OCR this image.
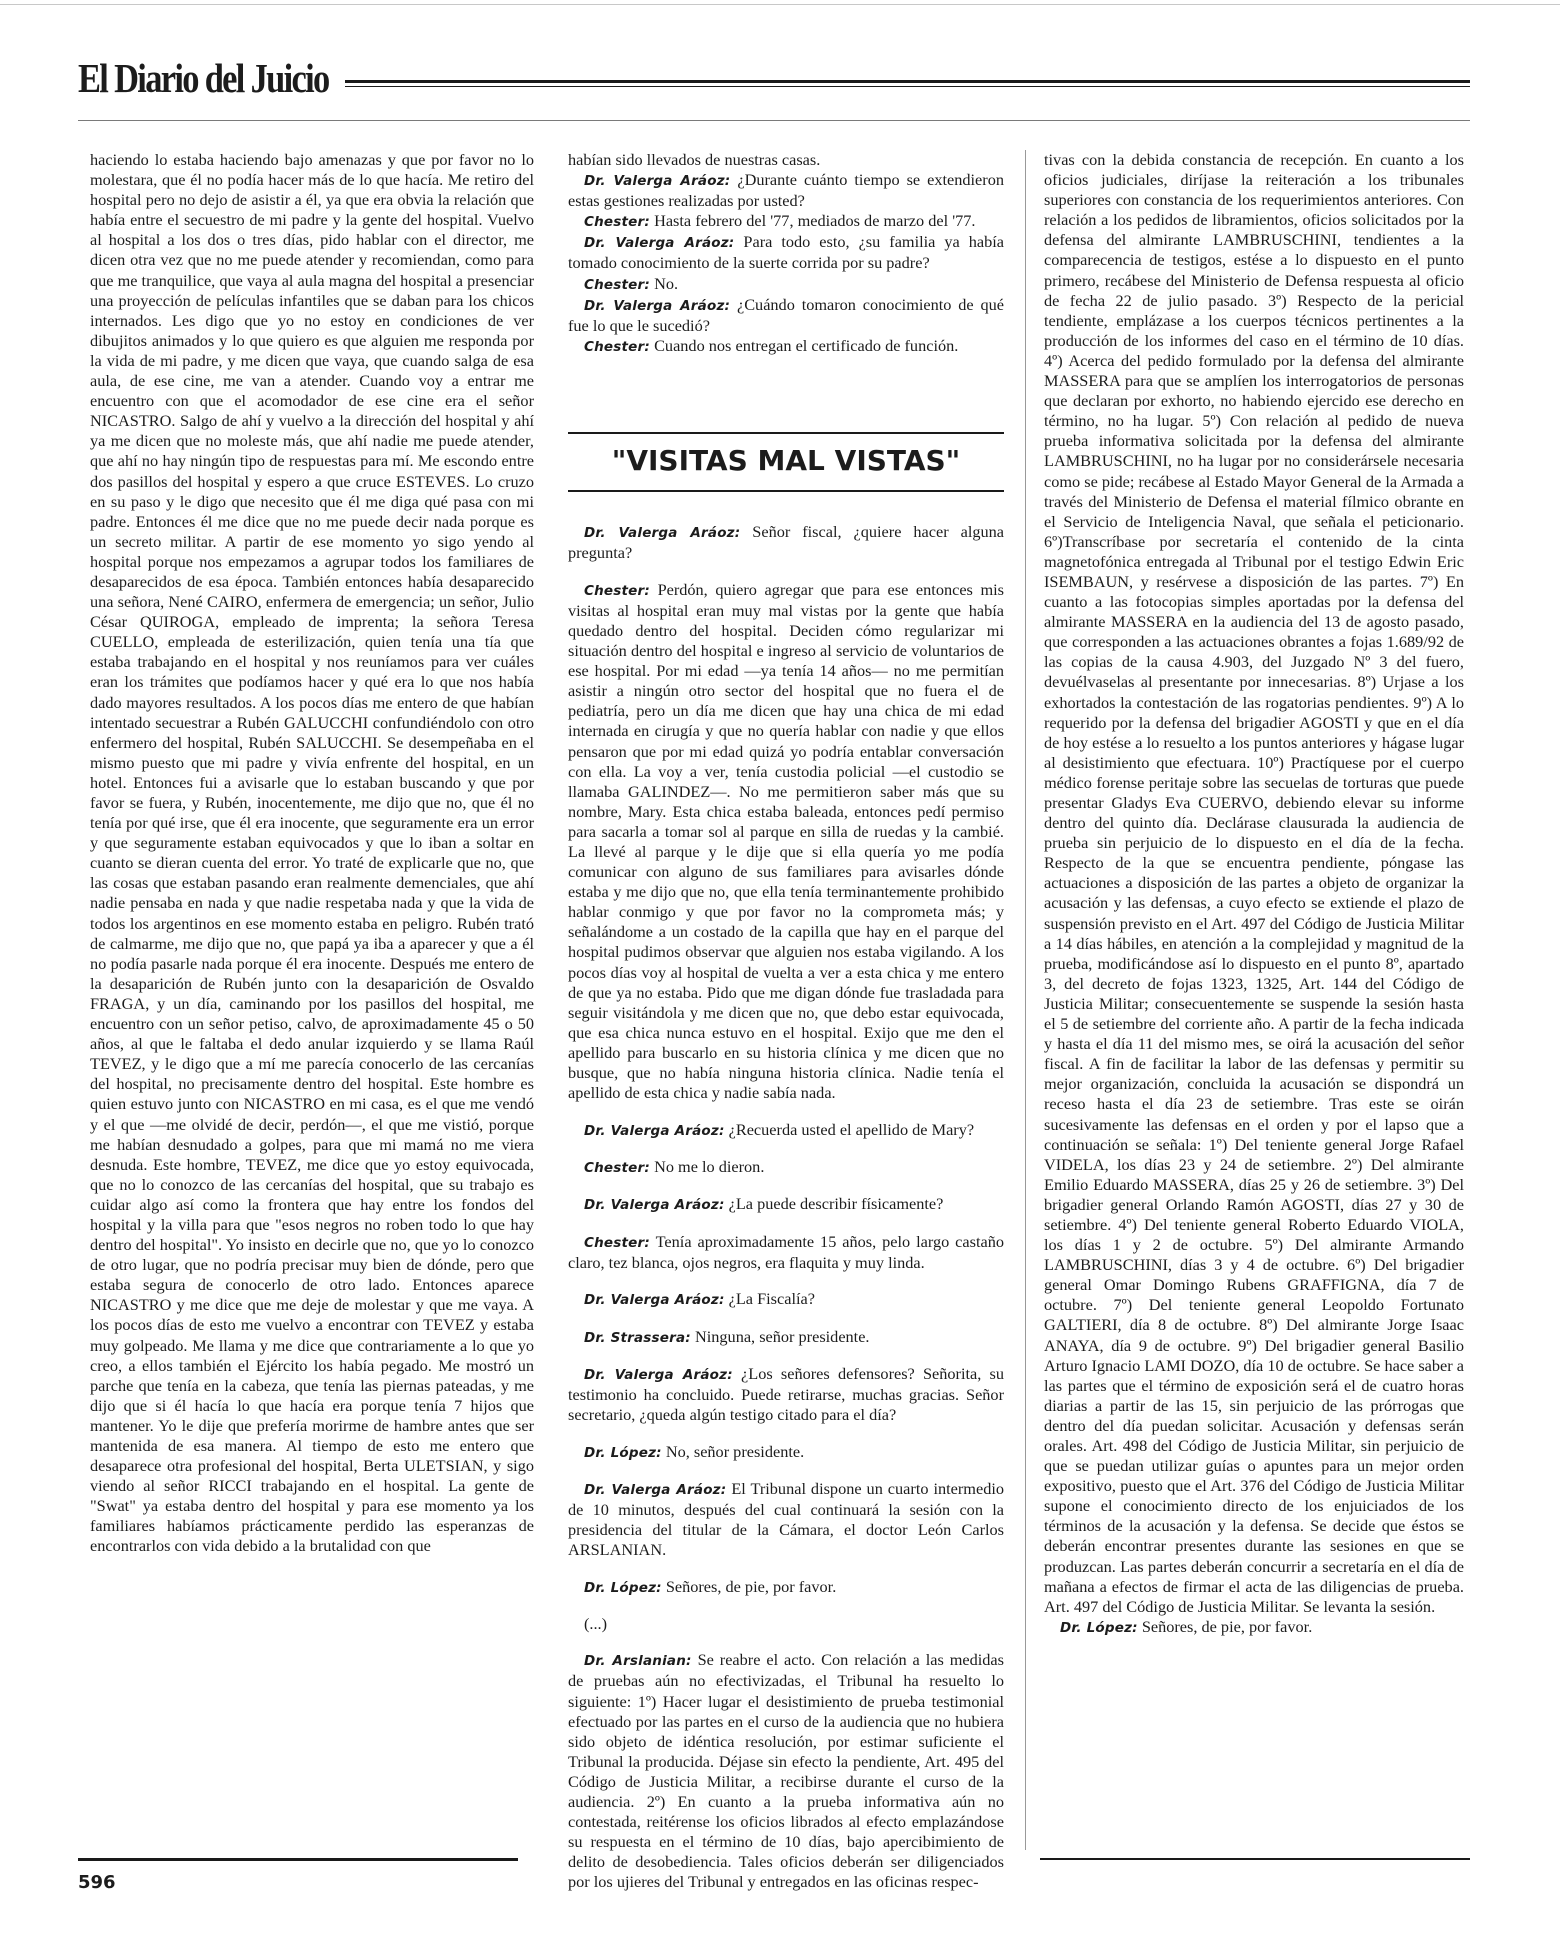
El Diario del Juicio

haciendo lo estaba haciendo bajo amenazas y que por favor no lo molestara, que él no podía hacer más de lo que hacía. Me retiro del hospital pero no dejo de asistir a él, ya que era obvia la relación que había entre el secuestro de mi padre y la gente del hospital. Vuelvo al hospital a los dos o tres días, pido hablar con el director, me dicen otra vez que no me puede atender y recomiendan, como para que me tranquilice, que vaya al aula magna del hospital a presenciar una proyección de películas infantiles que se daban para los chicos internados. Les digo que yo no estoy en condiciones de ver dibujitos animados y lo que quiero es que alguien me responda por la vida de mi padre, y me dicen que vaya, que cuando salga de esa aula, de ese cine, me van a atender. Cuando voy a entrar me encuentro con que el acomodador de ese cine era el señor NICASTRO. Salgo de ahí y vuelvo a la dirección del hospital y ahí ya me dicen que no moleste más, que ahí nadie me puede atender, que ahí no hay ningún tipo de respuestas para mí. Me escondo entre dos pasillos del hospital y espero a que cruce ESTEVES. Lo cruzo en su paso y le digo que necesito que él me diga qué pasa con mi padre. Entonces él me dice que no me puede decir nada porque es un secreto militar. A partir de ese momento yo sigo yendo al hospital porque nos empezamos a agrupar todos los familiares de desaparecidos de esa época. También entonces había desaparecido una señora, Nené CAIRO, enfermera de emergencia; un señor, Julio César QUIROGA, empleado de imprenta; la señora Teresa CUELLO, empleada de esterilización, quien tenía una tía que estaba trabajando en el hospital y nos reuníamos para ver cuáles eran los trámites que podíamos hacer y qué era lo que nos había dado mayores resultados. A los pocos días me entero de que habían intentado secuestrar a Rubén GALUCCHI confundiéndolo con otro enfermero del hospital, Rubén SALUCCHI. Se desempeñaba en el mismo puesto que mi padre y vivía enfrente del hospital, en un hotel. Entonces fui a avisarle que lo estaban buscando y que por favor se fuera, y Rubén, inocentemente, me dijo que no, que él no tenía por qué irse, que él era inocente, que seguramente era un error y que seguramente estaban equivocados y que lo iban a soltar en cuanto se dieran cuenta del error. Yo traté de explicarle que no, que las cosas que estaban pasando eran realmente demenciales, que ahí nadie pensaba en nada y que nadie respetaba nada y que la vida de todos los argentinos en ese momento estaba en peligro. Rubén trató de calmarme, me dijo que no, que papá ya iba a aparecer y que a él no podía pasarle nada porque él era inocente. Después me entero de la desaparición de Rubén junto con la desaparición de Osvaldo FRAGA, y un día, caminando por los pasillos del hospital, me encuentro con un señor petiso, calvo, de aproximadamente 45 o 50 años, al que le faltaba el dedo anular izquierdo y se llama Raúl TEVEZ, y le digo que a mí me parecía conocerlo de las cercanías del hospital, no precisamente dentro del hospital. Este hombre es quien estuvo junto con NICASTRO en mi casa, es el que me vendó y el que —me olvidé de decir, perdón—, el que me vistió, porque me habían desnudado a golpes, para que mi mamá no me viera desnuda. Este hombre, TEVEZ, me dice que yo estoy equivocada, que no lo conozco de las cercanías del hospital, que su trabajo es cuidar algo así como la frontera que hay entre los fondos del hospital y la villa para que "esos negros no roben todo lo que hay dentro del hospital". Yo insisto en decirle que no, que yo lo conozco de otro lugar, que no podría precisar muy bien de dónde, pero que estaba segura de conocerlo de otro lado. Entonces aparece NICASTRO y me dice que me deje de molestar y que me vaya. A los pocos días de esto me vuelvo a encontrar con TEVEZ y estaba muy golpeado. Me llama y me dice que contrariamente a lo que yo creo, a ellos también el Ejército los había pegado. Me mostró un parche que tenía en la cabeza, que tenía las piernas pateadas, y me dijo que si él hacía lo que hacía era porque tenía 7 hijos que mantener. Yo le dije que prefería morirme de hambre antes que ser mantenida de esa manera. Al tiempo de esto me entero que desaparece otra profesional del hospital, Berta ULETSIAN, y sigo viendo al señor RICCI trabajando en el hospital. La gente de "Swat" ya estaba dentro del hospital y para ese momento ya los familiares habíamos prácticamente perdido las esperanzas de encontrarlos con vida debido a la brutalidad con que

habían sido llevados de nuestras casas.

Dr. Valerga Aráoz: ¿Durante cuánto tiempo se extendieron estas gestiones realizadas por usted?

Chester: Hasta febrero del '77, mediados de marzo del '77.

Dr. Valerga Aráoz: Para todo esto, ¿su familia ya había tomado conocimiento de la suerte corrida por su padre?

Chester: No.

Dr. Valerga Aráoz: ¿Cuándo tomaron conocimiento de qué fue lo que le sucedió?

Chester: Cuando nos entregan el certificado de función.

"VISITAS MAL VISTAS"

Dr. Valerga Aráoz: Señor fiscal, ¿quiere hacer alguna pregunta?

Chester: Perdón, quiero agregar que para ese entonces mis visitas al hospital eran muy mal vistas por la gente que había quedado dentro del hospital. Deciden cómo regularizar mi situación dentro del hospital e ingreso al servicio de voluntarios de ese hospital. Por mi edad —ya tenía 14 años— no me permitían asistir a ningún otro sector del hospital que no fuera el de pediatría, pero un día me dicen que hay una chica de mi edad internada en cirugía y que no quería hablar con nadie y que ellos pensaron que por mi edad quizá yo podría entablar conversación con ella. La voy a ver, tenía custodia policial —el custodio se llamaba GALINDEZ—. No me permitieron saber más que su nombre, Mary. Esta chica estaba baleada, entonces pedí permiso para sacarla a tomar sol al parque en silla de ruedas y la cambié. La llevé al parque y le dije que si ella quería yo me podía comunicar con alguno de sus familiares para avisarles dónde estaba y me dijo que no, que ella tenía terminantemente prohibido hablar conmigo y que por favor no la comprometa más; y señalándome a un costado de la capilla que hay en el parque del hospital pudimos observar que alguien nos estaba vigilando. A los pocos días voy al hospital de vuelta a ver a esta chica y me entero de que ya no estaba. Pido que me digan dónde fue trasladada para seguir visitándola y me dicen que no, que debo estar equivocada, que esa chica nunca estuvo en el hospital. Exijo que me den el apellido para buscarlo en su historia clínica y me dicen que no busque, que no había ninguna historia clínica. Nadie tenía el apellido de esta chica y nadie sabía nada.

Dr. Valerga Aráoz: ¿Recuerda usted el apellido de Mary?

Chester: No me lo dieron.

Dr. Valerga Aráoz: ¿La puede describir físicamente?

Chester: Tenía aproximadamente 15 años, pelo largo castaño claro, tez blanca, ojos negros, era flaquita y muy linda.

Dr. Valerga Aráoz: ¿La Fiscalía?

Dr. Strassera: Ninguna, señor presidente.

Dr. Valerga Aráoz: ¿Los señores defensores? Señorita, su testimonio ha concluido. Puede retirarse, muchas gracias. Señor secretario, ¿queda algún testigo citado para el día?

Dr. López: No, señor presidente.

Dr. Valerga Aráoz: El Tribunal dispone un cuarto intermedio de 10 minutos, después del cual continuará la sesión con la presidencia del titular de la Cámara, el doctor León Carlos ARSLANIAN.

Dr. López: Señores, de pie, por favor.

(...)

Dr. Arslanian: Se reabre el acto. Con relación a las medidas de pruebas aún no efectivizadas, el Tribunal ha resuelto lo siguiente: 1º) Hacer lugar el desistimiento de prueba testimonial efectuado por las partes en el curso de la audiencia que no hubiera sido objeto de idéntica resolución, por estimar suficiente el Tribunal la producida. Déjase sin efecto la pendiente, Art. 495 del Código de Justicia Militar, a recibirse durante el curso de la audiencia. 2º) En cuanto a la prueba informativa aún no contestada, reitérense los oficios librados al efecto emplazándose su respuesta en el término de 10 días, bajo apercibimiento de delito de desobediencia. Tales oficios deberán ser diligenciados por los ujieres del Tribunal y entregados en las oficinas respec-

tivas con la debida constancia de recepción. En cuanto a los oficios judiciales, diríjase la reiteración a los tribunales superiores con constancia de los requerimientos anteriores. Con relación a los pedidos de libramientos, oficios solicitados por la defensa del almirante LAMBRUSCHINI, tendientes a la comparecencia de testigos, estése a lo dispuesto en el punto primero, recábese del Ministerio de Defensa respuesta al oficio de fecha 22 de julio pasado. 3º) Respecto de la pericial tendiente, emplázase a los cuerpos técnicos pertinentes a la producción de los informes del caso en el término de 10 días. 4º) Acerca del pedido formulado por la defensa del almirante MASSERA para que se amplíen los interrogatorios de personas que declaran por exhorto, no habiendo ejercido ese derecho en término, no ha lugar. 5º) Con relación al pedido de nueva prueba informativa solicitada por la defensa del almirante LAMBRUSCHINI, no ha lugar por no considerársele necesaria como se pide; recábese al Estado Mayor General de la Armada a través del Ministerio de Defensa el material fílmico obrante en el Servicio de Inteligencia Naval, que señala el peticionario. 6º)Transcríbase por secretaría el contenido de la cinta magnetofónica entregada al Tribunal por el testigo Edwin Eric ISEMBAUN, y resérvese a disposición de las partes. 7º) En cuanto a las fotocopias simples aportadas por la defensa del almirante MASSERA en la audiencia del 13 de agosto pasado, que corresponden a las actuaciones obrantes a fojas 1.689/92 de las copias de la causa 4.903, del Juzgado Nº 3 del fuero, devuélvaselas al presentante por innecesarias. 8º) Urjase a los exhortados la contestación de las rogatorias pendientes. 9º) A lo requerido por la defensa del brigadier AGOSTI y que en el día de hoy estése a lo resuelto a los puntos anteriores y hágase lugar al desistimiento que efectuara. 10º) Practíquese por el cuerpo médico forense peritaje sobre las secuelas de torturas que puede presentar Gladys Eva CUERVO, debiendo elevar su informe dentro del quinto día. Declárase clausurada la audiencia de prueba sin perjuicio de lo dispuesto en el día de la fecha. Respecto de la que se encuentra pendiente, póngase las actuaciones a disposición de las partes a objeto de organizar la acusación y las defensas, a cuyo efecto se extiende el plazo de suspensión previsto en el Art. 497 del Código de Justicia Militar a 14 días hábiles, en atención a la complejidad y magnitud de la prueba, modificándose así lo dispuesto en el punto 8º, apartado 3, del decreto de fojas 1323, 1325, Art. 144 del Código de Justicia Militar; consecuentemente se suspende la sesión hasta el 5 de setiembre del corriente año. A partir de la fecha indicada y hasta el día 11 del mismo mes, se oirá la acusación del señor fiscal. A fin de facilitar la labor de las defensas y permitir su mejor organización, concluida la acusación se dispondrá un receso hasta el día 23 de setiembre. Tras este se oirán sucesivamente las defensas en el orden y por el lapso que a continuación se señala: 1º) Del teniente general Jorge Rafael VIDELA, los días 23 y 24 de setiembre. 2º) Del almirante Emilio Eduardo MASSERA, días 25 y 26 de setiembre. 3º) Del brigadier general Orlando Ramón AGOSTI, días 27 y 30 de setiembre. 4º) Del teniente general Roberto Eduardo VIOLA, los días 1 y 2 de octubre. 5º) Del almirante Armando LAMBRUSCHINI, días 3 y 4 de octubre. 6º) Del brigadier general Omar Domingo Rubens GRAFFIGNA, día 7 de octubre. 7º) Del teniente general Leopoldo Fortunato GALTIERI, día 8 de octubre. 8º) Del almirante Jorge Isaac ANAYA, día 9 de octubre. 9º) Del brigadier general Basilio Arturo Ignacio LAMI DOZO, día 10 de octubre. Se hace saber a las partes que el término de exposición será el de cuatro horas diarias a partir de las 15, sin perjuicio de las prórrogas que dentro del día puedan solicitar. Acusación y defensas serán orales. Art. 498 del Código de Justicia Militar, sin perjuicio de que se puedan utilizar guías o apuntes para un mejor orden expositivo, puesto que el Art. 376 del Código de Justicia Militar supone el conocimiento directo de los enjuiciados de los términos de la acusación y la defensa. Se decide que éstos se deberán encontrar presentes durante las sesiones en que se produzcan. Las partes deberán concurrir a secretaría en el día de mañana a efectos de firmar el acta de las diligencias de prueba. Art. 497 del Código de Justicia Militar. Se levanta la sesión.

Dr. López: Señores, de pie, por favor.

596
